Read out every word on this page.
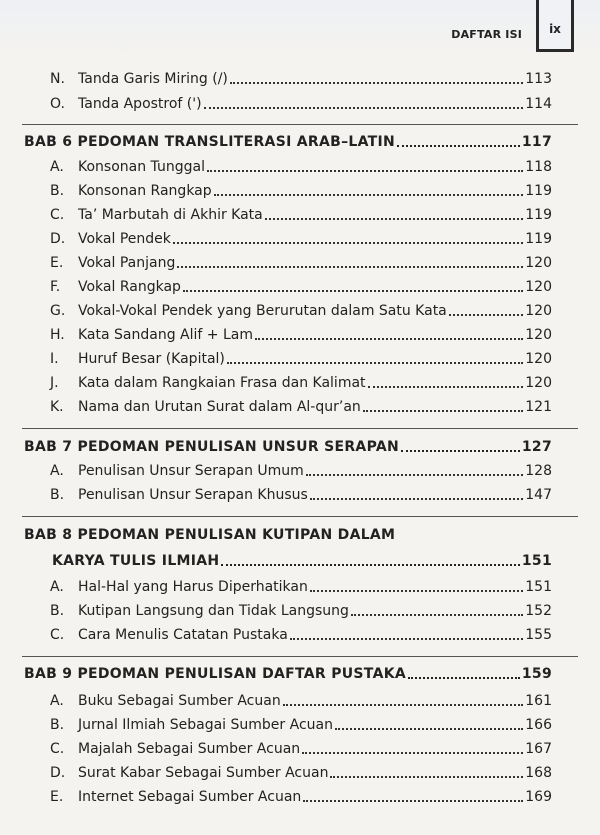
DAFTAR ISI ix
N. Tanda Garis Miring (/)	113
O. Tanda Apostrof (')	114
BAB 6 PEDOMAN TRANSLITERASI ARAB–LATIN	117
A.	Konsonan Tunggal	118
B. Konsonan Rangkap	119
C. Ta’ Marbutah di Akhir Kata	119
D. Vokal Pendek	119
E.	Vokal Panjang	120
F.	Vokal Rangkap	120
G. Vokal-Vokal Pendek yang Berurutan dalam Satu Kata	120
H. Kata Sandang Alif + Lam	120
I.	Huruf Besar (Kapital)	120
J.	Kata dalam Rangkaian Frasa dan Kalimat	120
K.	Nama dan Urutan Surat dalam Al-qur’an	121
BAB 7 PEDOMAN PENULISAN UNSUR SERAPAN	127
A.	Penulisan Unsur Serapan Umum	128
B. Penulisan Unsur Serapan Khusus	147
BAB 8 PEDOMAN PENULISAN KUTIPAN DALAM
KARYA TULIS ILMIAH	151
A.	Hal-Hal yang Harus Diperhatikan	151
B. Kutipan Langsung dan Tidak Langsung	152
C. Cara Menulis Catatan Pustaka	155
BAB 9 PEDOMAN PENULISAN DAFTAR PUSTAKA	159
A.	Buku Sebagai Sumber Acuan	161
B. Jurnal Ilmiah Sebagai Sumber Acuan	166
C. Majalah Sebagai Sumber Acuan	167
D. Surat Kabar Sebagai Sumber Acuan	168
E.	Internet Sebagai Sumber Acuan	169
